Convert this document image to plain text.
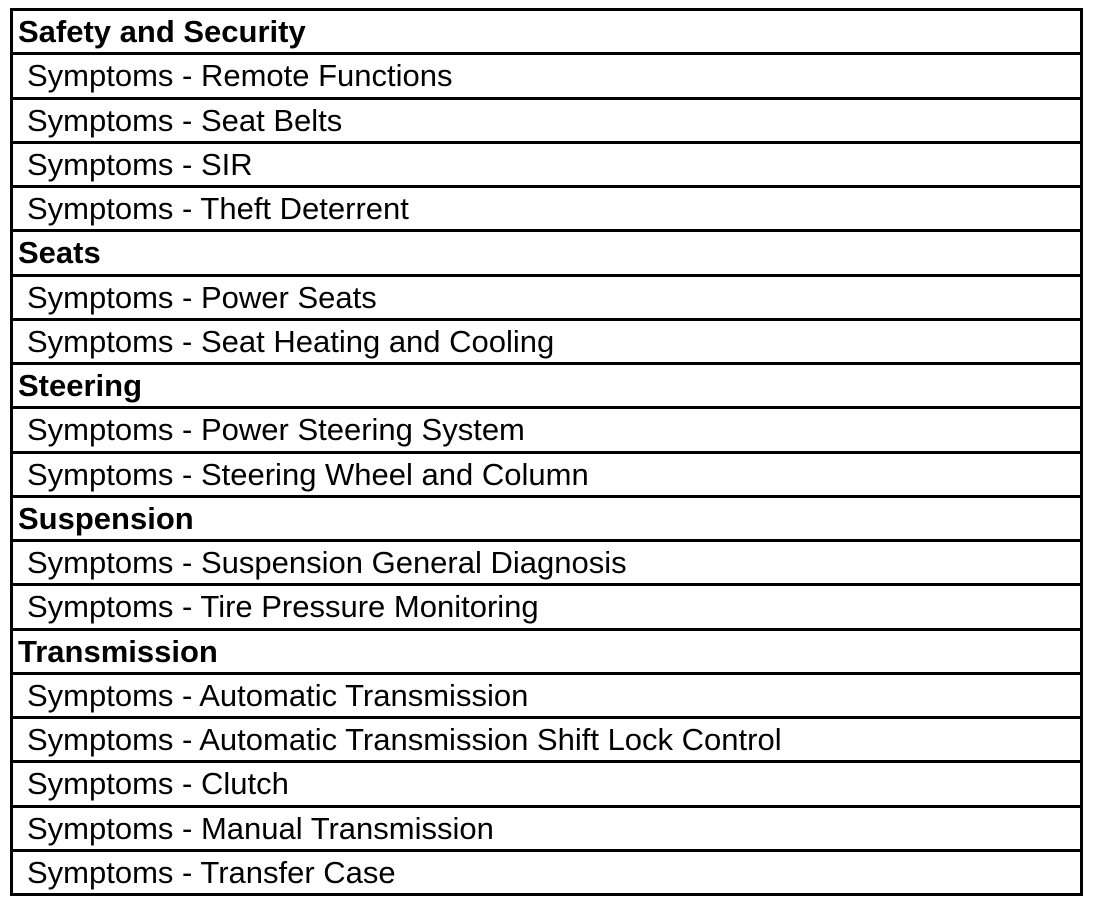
Safety and Security
Symptoms - Remote Functions
Symptoms - Seat Belts
Symptoms - SIR
Symptoms - Theft Deterrent
Seats
Symptoms - Power Seats
Symptoms - Seat Heating and Cooling
Steering
Symptoms - Power Steering System
Symptoms - Steering Wheel and Column
Suspension
Symptoms - Suspension General Diagnosis
Symptoms - Tire Pressure Monitoring
Transmission
Symptoms - Automatic Transmission
Symptoms - Automatic Transmission Shift Lock Control
Symptoms - Clutch
Symptoms - Manual Transmission
Symptoms - Transfer Case
